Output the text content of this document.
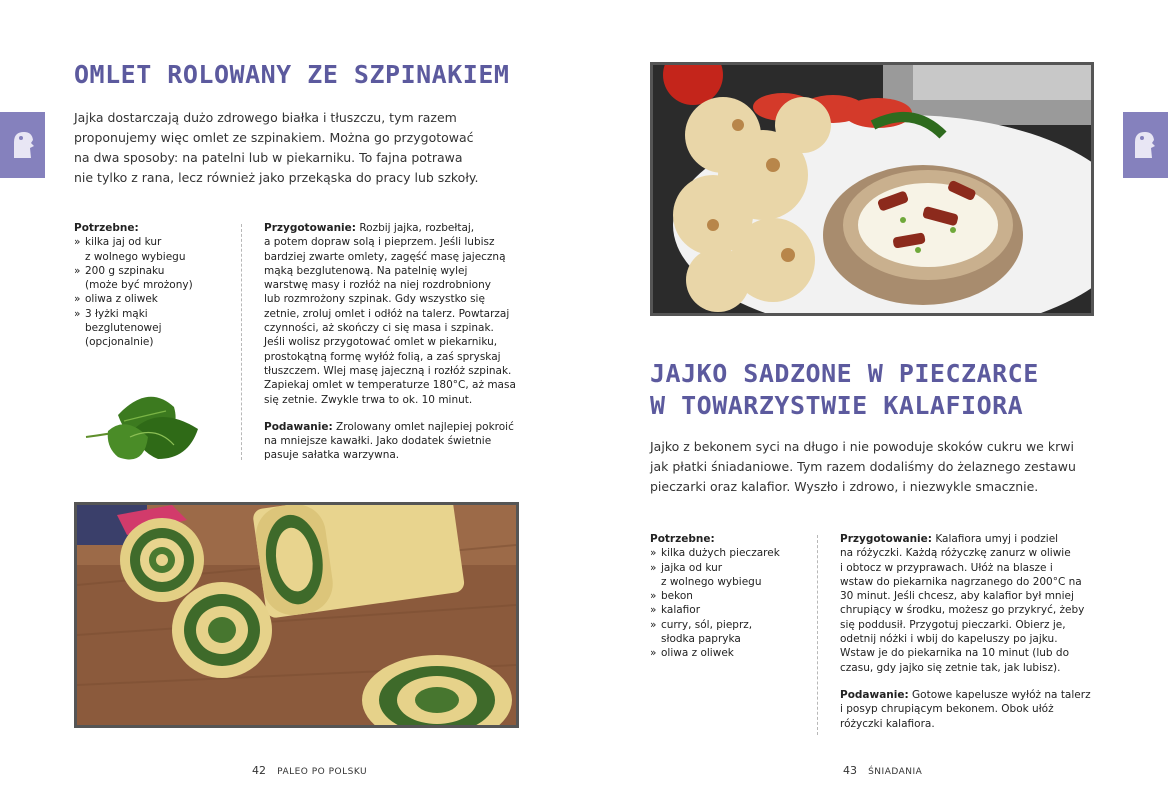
OMLET ROLOWANY ZE SZPINAKIEM
Jajka dostarczają dużo zdrowego białka i tłuszczu, tym razem
proponujemy więc omlet ze szpinakiem. Można go przygotować
na dwa sposoby: na patelni lub w piekarniku. To fajna potrawa
nie tylko z rana, lecz również jako przekąska do pracy lub szkoły.
Potrzebne:
» kilka jaj od kur
z wolnego wybiegu
» 200 g szpinaku
(może być mrożony)
» oliwa z oliwek
» 3 łyżki mąki
bezglutenowej
(opcjonalnie)
Przygotowanie: Rozbij jajka, rozbełtaj,
a potem dopraw solą i pieprzem. Jeśli lubisz
bardziej zwarte omlety, zagęść masę jajeczną
mąką bezglutenową. Na patelnię wylej
warstwę masy i rozłóż na niej rozdrobniony
lub rozmrożony szpinak. Gdy wszystko się
zetnie, zroluj omlet i odłóż na talerz. Powtarzaj
czynności, aż skończy ci się masa i szpinak.
Jeśli wolisz przygotować omlet w piekarniku,
prostokątną formę wyłóż folią, a zaś spryskaj
tłuszczem. Wlej masę jajeczną i rozłóż szpinak.
Zapiekaj omlet w temperaturze 180°C, aż masa
się zetnie. Zwykle trwa to ok. 10 minut.
Podawanie: Zrolowany omlet najlepiej pokroić
na mniejsze kawałki. Jako dodatek świetnie
pasuje sałatka warzywna.
42 PALEO PO POLSKU
JAJKO SADZONE W PIECZARCE
W TOWARZYSTWIE KALAFIORA
Jajko z bekonem syci na długo i nie powoduje skoków cukru we krwi
jak płatki śniadaniowe. Tym razem dodaliśmy do żelaznego zestawu
pieczarki oraz kalafior. Wyszło i zdrowo, i niezwykle smacznie.
Potrzebne:
» kilka dużych pieczarek
» jajka od kur
z wolnego wybiegu
» bekon
» kalafior
» curry, sól, pieprz,
słodka papryka
» oliwa z oliwek
Przygotowanie: Kalafiora umyj i podziel
na różyczki. Każdą różyczkę zanurz w oliwie
i obtocz w przyprawach. Ułóż na blasze i
wstaw do piekarnika nagrzanego do 200°C na
30 minut. Jeśli chcesz, aby kalafior był mniej
chrupiący w środku, możesz go przykryć, żeby
się poddusił. Przygotuj pieczarki. Obierz je,
odetnij nóżki i wbij do kapeluszy po jajku.
Wstaw je do piekarnika na 10 minut (lub do
czasu, gdy jajko się zetnie tak, jak lubisz).
Podawanie: Gotowe kapelusze wyłóż na talerz
i posyp chrupiącym bekonem. Obok ułóż
różyczki kalafiora.
43 ŚNIADANIA
